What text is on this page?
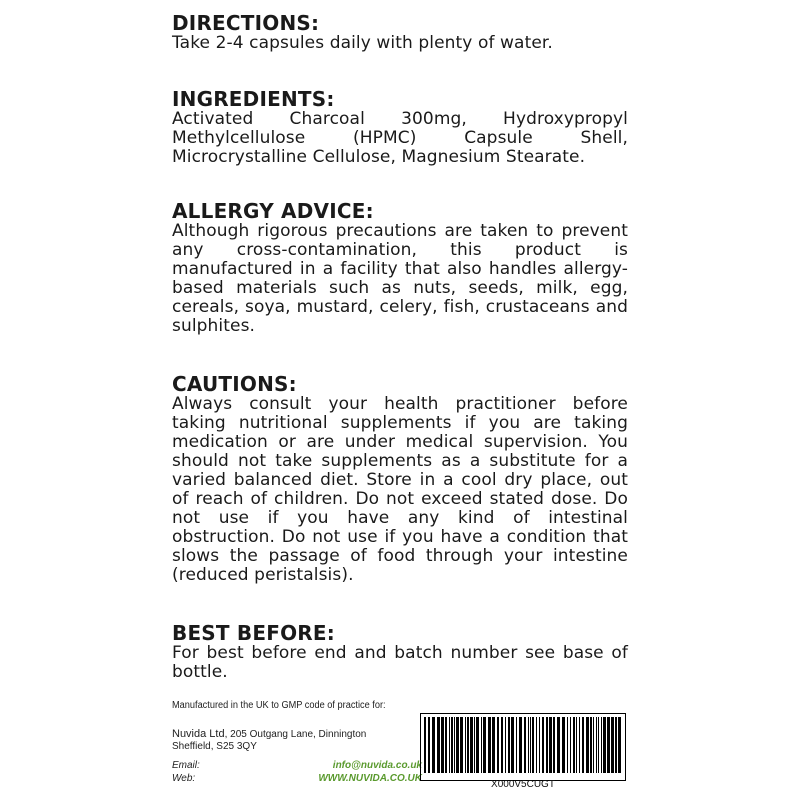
DIRECTIONS:

Take 2-4 capsules daily with plenty of water.

INGREDIENTS:

Activated Charcoal 300mg, Hydroxypropyl Methylcellulose (HPMC) Capsule Shell, Microcrystalline Cellulose, Magnesium Stearate.

ALLERGY ADVICE:

Although rigorous precautions are taken to prevent any cross-contamination, this product is manufactured in a facility that also handles allergy-based materials such as nuts, seeds, milk, egg, cereals, soya, mustard, celery, fish, crustaceans and sulphites.

CAUTIONS:

Always consult your health practitioner before taking nutritional supplements if you are taking medication or are under medical supervision. You should not take supplements as a substitute for a varied balanced diet. Store in a cool dry place, out of reach of children. Do not exceed stated dose. Do not use if you have any kind of intestinal obstruction. Do not use if you have a condition that slows the passage of food through your intestine (reduced peristalsis).

BEST BEFORE:

For best before end and batch number see base of bottle.

Manufactured in the UK to GMP code of practice for:

Nuvida Ltd, 205 Outgang Lane, Dinnington
Sheffield, S25 3QY
Email:	info@nuvida.co.uk
Web:	WWW.NUVIDA.CO.UK
X000V5CUGT
